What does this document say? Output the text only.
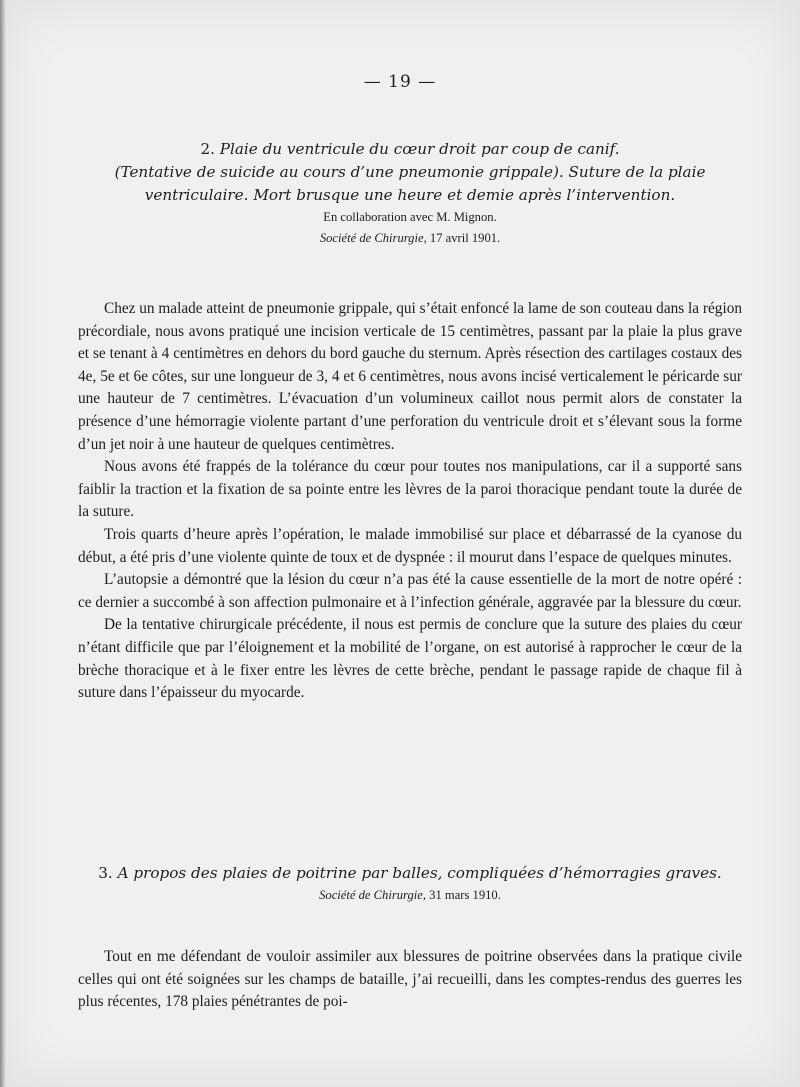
— 19 —
2. Plaie du ventricule du cœur droit par coup de canif.
(Tentative de suicide au cours d’une pneumonie grippale). Suture de la plaie
ventriculaire. Mort brusque une heure et demie après l’intervention.
En collaboration avec M. Mignon.
Société de Chirurgie, 17 avril 1901.

Chez un malade atteint de pneumonie grippale, qui s’était enfoncé la lame de son couteau dans la région précordiale, nous avons pratiqué une incision verticale de 15 centimètres, passant par la plaie la plus grave et se tenant à 4 centimètres en dehors du bord gauche du sternum. Après résection des cartilages costaux des 4e, 5e et 6e côtes, sur une longueur de 3, 4 et 6 centimètres, nous avons incisé verticalement le péricarde sur une hauteur de 7 centimètres. L’évacuation d’un volumineux caillot nous permit alors de constater la présence d’une hémorragie violente partant d’une perforation du ventricule droit et s’élevant sous la forme d’un jet noir à une hauteur de quelques centimètres.

Nous avons été frappés de la tolérance du cœur pour toutes nos manipulations, car il a supporté sans faiblir la traction et la fixation de sa pointe entre les lèvres de la paroi thoracique pendant toute la durée de la suture.

Trois quarts d’heure après l’opération, le malade immobilisé sur place et débarrassé de la cyanose du début, a été pris d’une violente quinte de toux et de dyspnée : il mourut dans l’espace de quelques minutes.

L’autopsie a démontré que la lésion du cœur n’a pas été la cause essentielle de la mort de notre opéré : ce dernier a succombé à son affection pulmonaire et à l’infection générale, aggravée par la blessure du cœur.

De la tentative chirurgicale précédente, il nous est permis de conclure que la suture des plaies du cœur n’étant difficile que par l’éloignement et la mobilité de l’organe, on est autorisé à rapprocher le cœur de la brèche thoracique et à le fixer entre les lèvres de cette brèche, pendant le passage rapide de chaque fil à suture dans l’épaisseur du myocarde.

3. A propos des plaies de poitrine par balles, compliquées d’hémorragies graves.
Société de Chirurgie, 31 mars 1910.

Tout en me défendant de vouloir assimiler aux blessures de poitrine observées dans la pratique civile celles qui ont été soignées sur les champs de bataille, j’ai recueilli, dans les comptes-rendus des guerres les plus récentes, 178 plaies pénétrantes de poi-
